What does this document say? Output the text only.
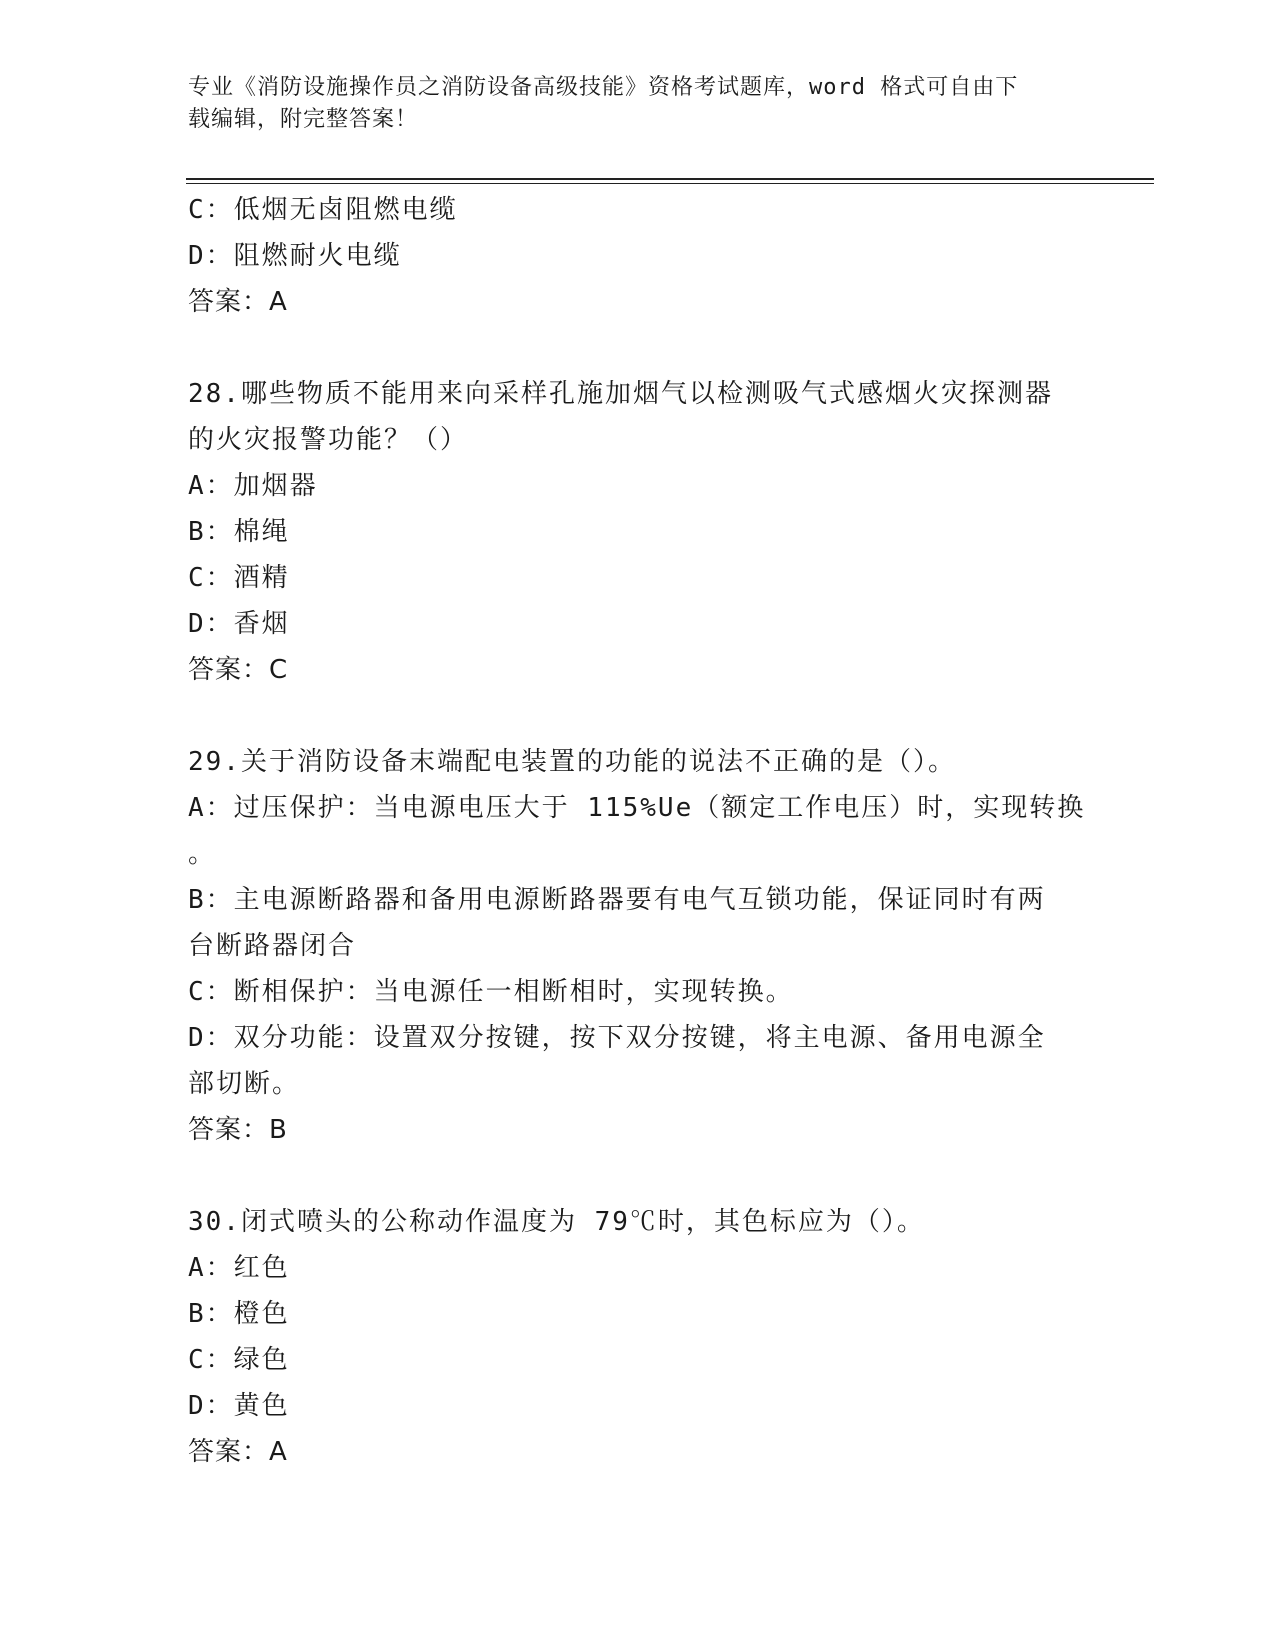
专业《消防设施操作员之消防设备高级技能》资格考试题库，word 格式可自由下
载编辑，附完整答案！
C：低烟无卤阻燃电缆
D：阻燃耐火电缆
答案：A
28.哪些物质不能用来向采样孔施加烟气以检测吸气式感烟火灾探测器
的火灾报警功能？（）
A：加烟器
B：棉绳
C：酒精
D：香烟
答案：C
29.关于消防设备末端配电装置的功能的说法不正确的是（）。
A：过压保护：当电源电压大于 115%Ue（额定工作电压）时，实现转换
。
B：主电源断路器和备用电源断路器要有电气互锁功能，保证同时有两
台断路器闭合
C：断相保护：当电源任一相断相时，实现转换。
D：双分功能：设置双分按键，按下双分按键，将主电源、备用电源全
部切断。
答案：B
30.闭式喷头的公称动作温度为 79℃时，其色标应为（）。
A：红色
B：橙色
C：绿色
D：黄色
答案：A
